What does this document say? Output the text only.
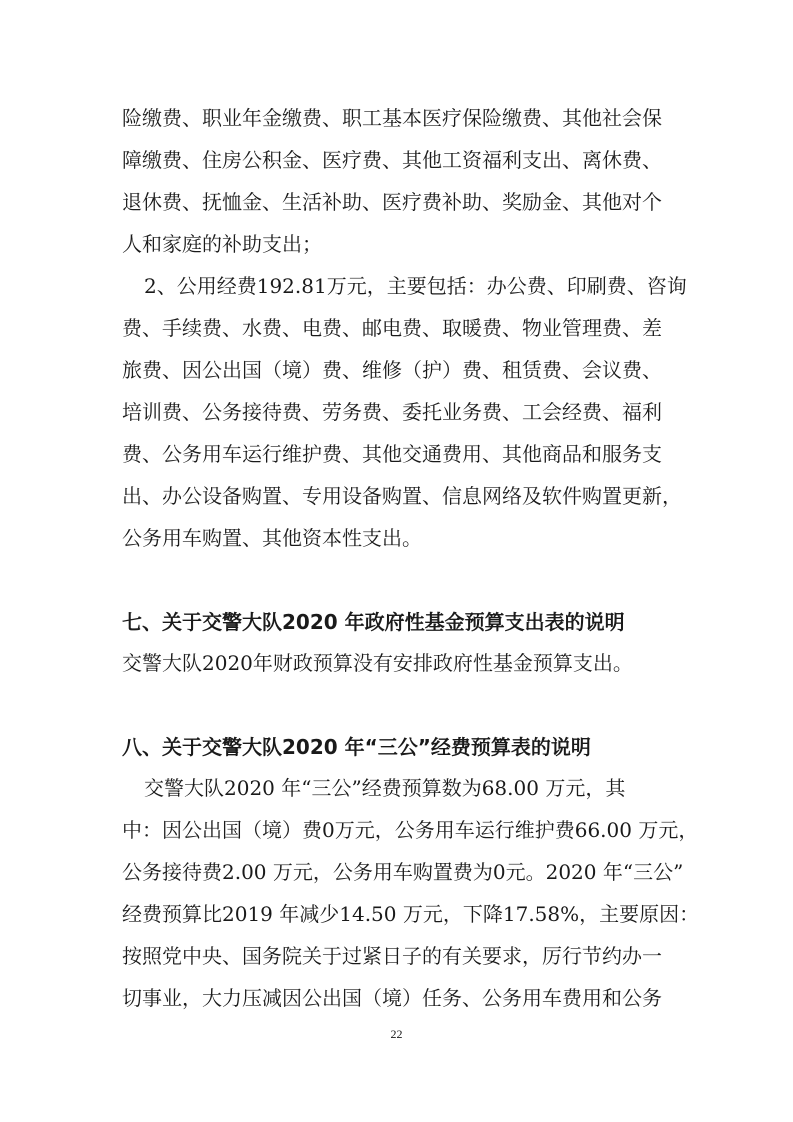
险缴费、职业年金缴费、职工基本医疗保险缴费、其他社会保
障缴费、住房公积金、医疗费、其他工资福利支出、离休费、
退休费、抚恤金、生活补助、医疗费补助、奖励金、其他对个
人和家庭的补助支出；
2、公用经费192.81万元，主要包括：办公费、印刷费、咨询
费、手续费、水费、电费、邮电费、取暖费、物业管理费、差
旅费、因公出国（境）费、维修（护）费、租赁费、会议费、
培训费、公务接待费、劳务费、委托业务费、工会经费、福利
费、公务用车运行维护费、其他交通费用、其他商品和服务支
出、办公设备购置、专用设备购置、信息网络及软件购置更新，
公务用车购置、其他资本性支出。
七、关于交警大队2020 年政府性基金预算支出表的说明
交警大队2020年财政预算没有安排政府性基金预算支出。
八、关于交警大队2020 年“三公”经费预算表的说明
交警大队2020 年“三公”经费预算数为68.00 万元，其
中：因公出国（境）费0万元，公务用车运行维护费66.00 万元，
公务接待费2.00 万元，公务用车购置费为0元。2020 年“三公”
经费预算比2019 年减少14.50 万元，下降17.58%，主要原因：
按照党中央、国务院关于过紧日子的有关要求，厉行节约办一
切事业，大力压减因公出国（境）任务、公务用车费用和公务
22
